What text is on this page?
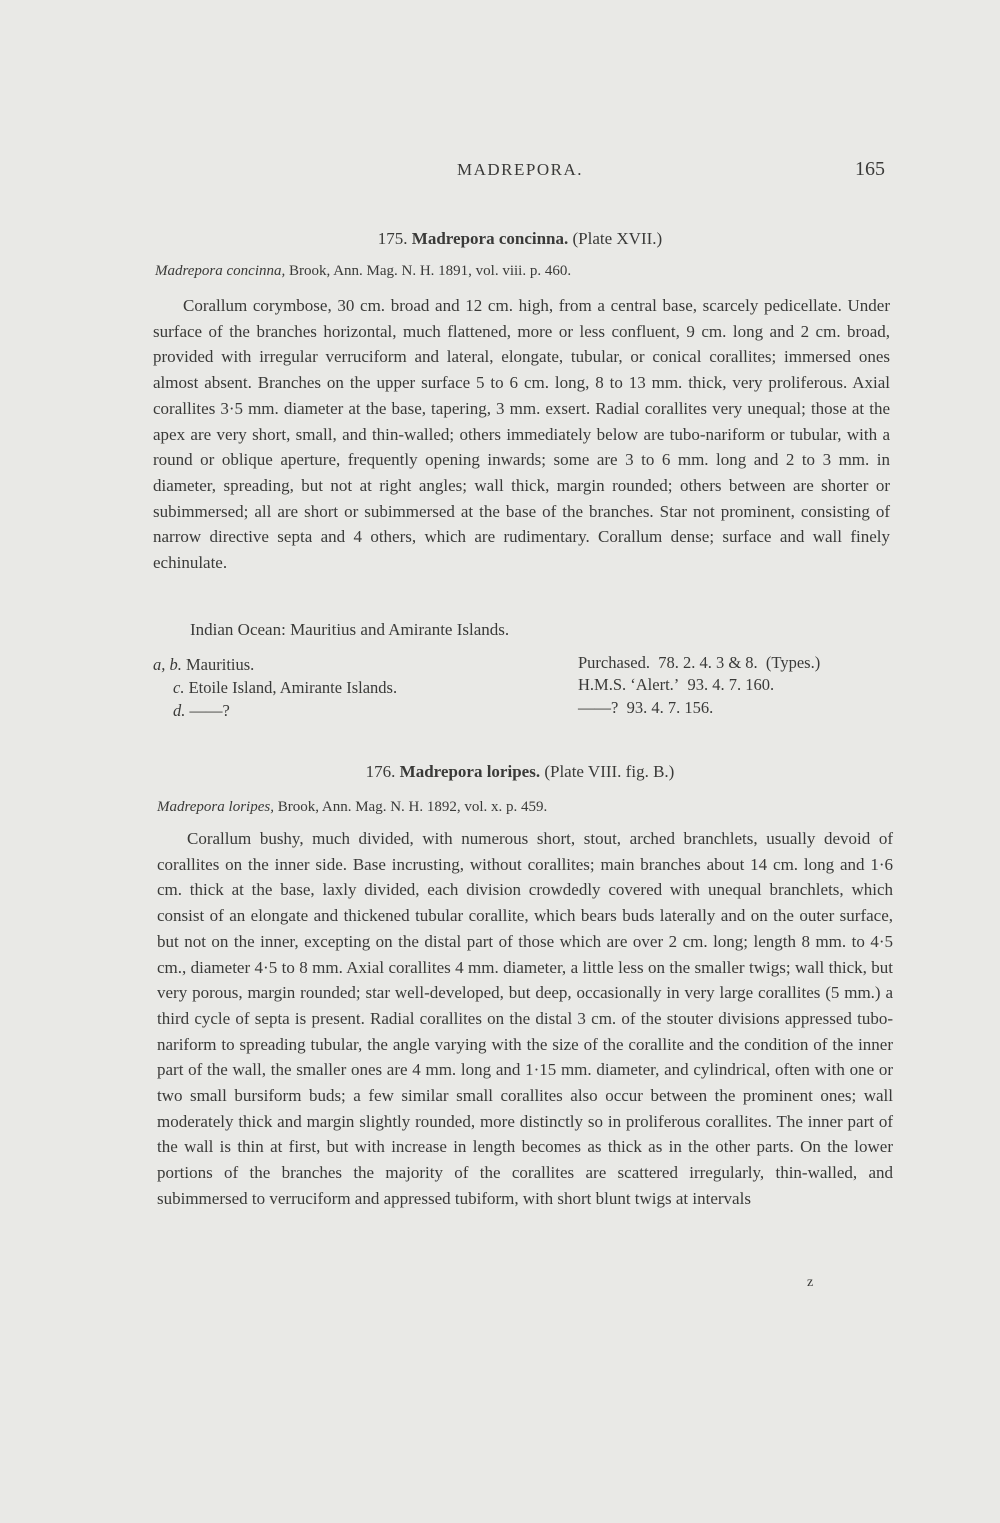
MADREPORA.	165
175. Madrepora concinna. (Plate XVII.)
Madrepora concinna, Brook, Ann. Mag. N. H. 1891, vol. viii. p. 460.

Corallum corymbose, 30 cm. broad and 12 cm. high, from a central base, scarcely pedicellate. Under surface of the branches horizontal, much flattened, more or less confluent, 9 cm. long and 2 cm. broad, provided with irregular verruciform and lateral, elongate, tubular, or conical corallites; immersed ones almost absent. Branches on the upper surface 5 to 6 cm. long, 8 to 13 mm. thick, very proliferous. Axial corallites 3·5 mm. diameter at the base, tapering, 3 mm. exsert. Radial corallites very unequal; those at the apex are very short, small, and thin-walled; others immediately below are tubo-nariform or tubular, with a round or oblique aperture, frequently opening inwards; some are 3 to 6 mm. long and 2 to 3 mm. in diameter, spreading, but not at right angles; wall thick, margin rounded; others between are shorter or subimmersed; all are short or subimmersed at the base of the branches. Star not prominent, consisting of narrow directive septa and 4 others, which are rudimentary. Corallum dense; surface and wall finely echinulate.

Indian Ocean: Mauritius and Amirante Islands.
a, b. Mauritius.	Purchased. 78. 2. 4. 3 & 8. (Types.)
c. Etoile Island, Amirante Islands.	H.M.S. ‘Alert.’ 93. 4. 7. 160.
d. ——?	——? 93. 4. 7. 156.
176. Madrepora loripes. (Plate VIII. fig. B.)
Madrepora loripes, Brook, Ann. Mag. N. H. 1892, vol. x. p. 459.

Corallum bushy, much divided, with numerous short, stout, arched branchlets, usually devoid of corallites on the inner side. Base incrusting, without corallites; main branches about 14 cm. long and 1·6 cm. thick at the base, laxly divided, each division crowdedly covered with unequal branchlets, which consist of an elongate and thickened tubular corallite, which bears buds laterally and on the outer surface, but not on the inner, excepting on the distal part of those which are over 2 cm. long; length 8 mm. to 4·5 cm., diameter 4·5 to 8 mm. Axial corallites 4 mm. diameter, a little less on the smaller twigs; wall thick, but very porous, margin rounded; star well-developed, but deep, occasionally in very large corallites (5 mm.) a third cycle of septa is present. Radial corallites on the distal 3 cm. of the stouter divisions appressed tubo-nariform to spreading tubular, the angle varying with the size of the corallite and the condition of the inner part of the wall, the smaller ones are 4 mm. long and 1·15 mm. diameter, and cylindrical, often with one or two small bursiform buds; a few similar small corallites also occur between the prominent ones; wall moderately thick and margin slightly rounded, more distinctly so in proliferous corallites. The inner part of the wall is thin at first, but with increase in length becomes as thick as in the other parts. On the lower portions of the branches the majority of the corallites are scattered irregularly, thin-walled, and subimmersed to verruciform and appressed tubiform, with short blunt twigs at intervals

z
